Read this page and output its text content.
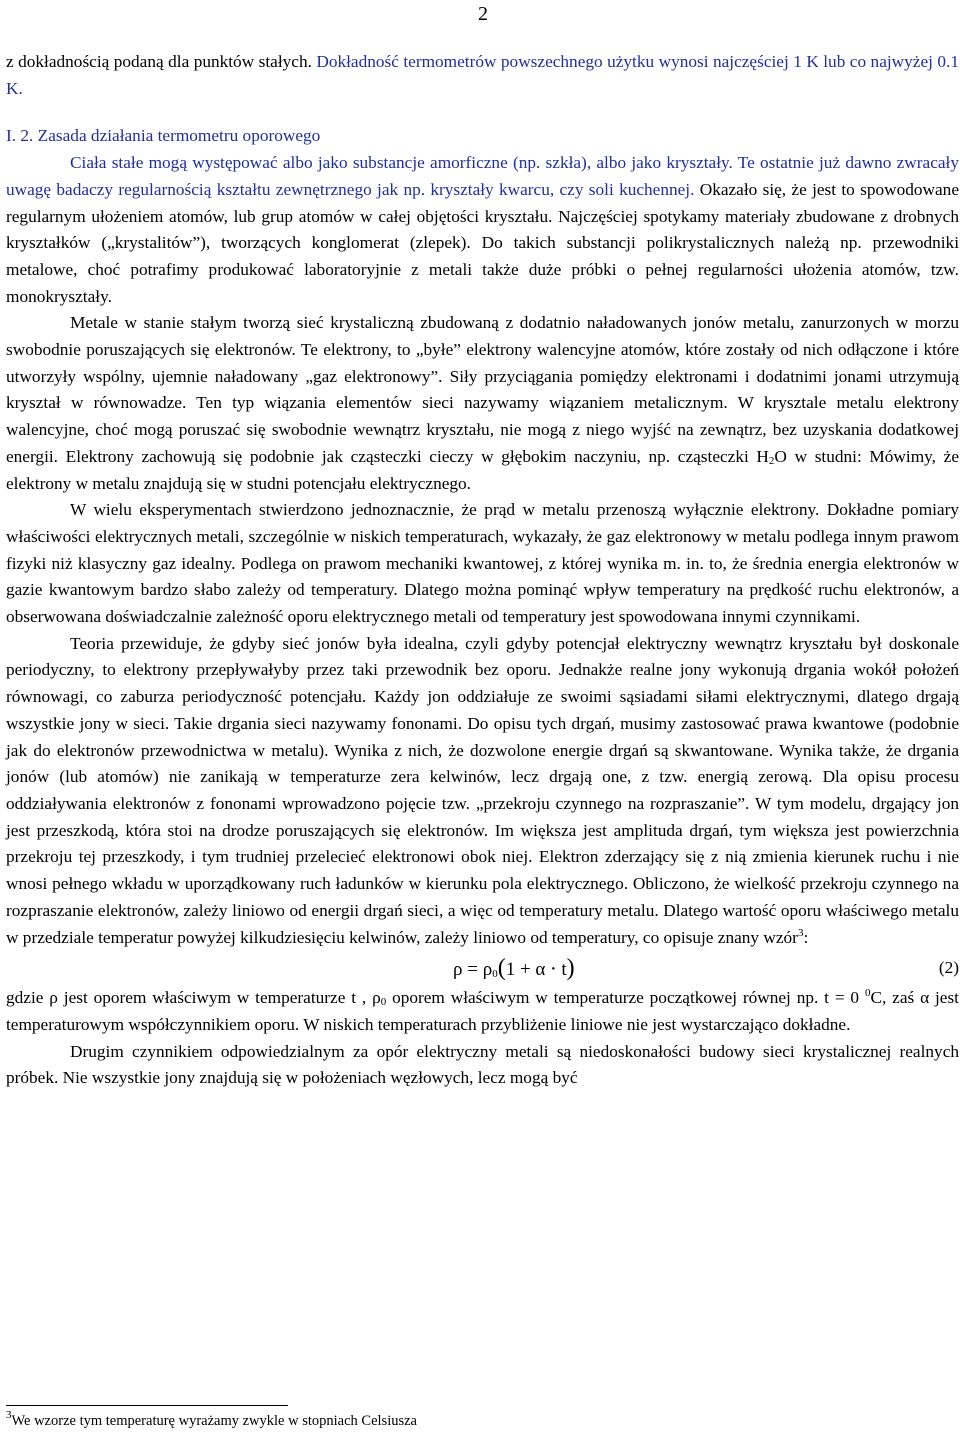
2

z dokładnością podaną dla punktów stałych. Dokładność termometrów powszechnego użytku wynosi najczęściej 1 K lub co najwyżej 0.1 K.

I. 2. Zasada działania termometru oporowego

Ciała stałe mogą występować albo jako substancje amorficzne (np. szkła), albo jako kryształy. Te ostatnie już dawno zwracały uwagę badaczy regularnością kształtu zewnętrznego jak np. kryształy kwarcu, czy soli kuchennej. Okazało się, że jest to spowodowane regularnym ułożeniem atomów, lub grup atomów w całej objętości kryształu. Najczęściej spotykamy materiały zbudowane z drobnych kryształków („krystalitów”), tworzących konglomerat (zlepek). Do takich substancji polikrystalicznych należą np. przewodniki metalowe, choć potrafimy produkować laboratoryjnie z metali także duże próbki o pełnej regularności ułożenia atomów, tzw. monokryształy.

Metale w stanie stałym tworzą sieć krystaliczną zbudowaną z dodatnio naładowanych jonów metalu, zanurzonych w morzu swobodnie poruszających się elektronów. Te elektrony, to „byłe” elektrony walencyjne atomów, które zostały od nich odłączone i które utworzyły wspólny, ujemnie naładowany „gaz elektronowy”. Siły przyciągania pomiędzy elektronami i dodatnimi jonami utrzymują kryształ w równowadze. Ten typ wiązania elementów sieci nazywamy wiązaniem metalicznym. W krysztale metalu elektrony walencyjne, choć mogą poruszać się swobodnie wewnątrz kryształu, nie mogą z niego wyjść na zewnątrz, bez uzyskania dodatkowej energii. Elektrony zachowują się podobnie jak cząsteczki cieczy w głębokim naczyniu, np. cząsteczki $H_2O$ w studni: Mówimy, że elektrony w metalu znajdują się w studni potencjału elektrycznego.

W wielu eksperymentach stwierdzono jednoznacznie, że prąd w metalu przenoszą wyłącznie elektrony. Dokładne pomiary właściwości elektrycznych metali, szczególnie w niskich temperaturach, wykazały, że gaz elektronowy w metalu podlega innym prawom fizyki niż klasyczny gaz idealny. Podlega on prawom mechaniki kwantowej, z której wynika m. in. to, że średnia energia elektronów w gazie kwantowym bardzo słabo zależy od temperatury. Dlatego można pominąć wpływ temperatury na prędkość ruchu elektronów, a obserwowana doświadczalnie zależność oporu elektrycznego metali od temperatury jest spowodowana innymi czynnikami.

Teoria przewiduje, że gdyby sieć jonów była idealna, czyli gdyby potencjał elektryczny wewnątrz kryształu był doskonale periodyczny, to elektrony przepływałyby przez taki przewodnik bez oporu. Jednakże realne jony wykonują drgania wokół położeń równowagi, co zaburza periodyczność potencjału. Każdy jon oddziałuje ze swoimi sąsiadami siłami elektrycznymi, dlatego drgają wszystkie jony w sieci. Takie drgania sieci nazywamy fononami. Do opisu tych drgań, musimy zastosować prawa kwantowe (podobnie jak do elektronów przewodnictwa w metalu). Wynika z nich, że dozwolone energie drgań są skwantowane. Wynika także, że drgania jonów (lub atomów) nie zanikają w temperaturze zera kelwinów, lecz drgają one, z tzw. energią zerową. Dla opisu procesu oddziaływania elektronów z fononami wprowadzono pojęcie tzw. „przekroju czynnego na rozpraszanie”. W tym modelu, drgający jon jest przeszkodą, która stoi na drodze poruszających się elektronów. Im większa jest amplituda drgań, tym większa jest powierzchnia przekroju tej przeszkody, i tym trudniej przelecieć elektronowi obok niej. Elektron zderzający się z nią zmienia kierunek ruchu i nie wnosi pełnego wkładu w uporządkowany ruch ładunków w kierunku pola elektrycznego. Obliczono, że wielkość przekroju czynnego na rozpraszanie elektronów, zależy liniowo od energii drgań sieci, a więc od temperatury metalu. Dlatego wartość oporu właściwego metalu w przedziale temperatur powyżej kilkudziesięciu kelwinów, zależy liniowo od temperatury, co opisuje znany wzór$^3$:

$\rho = \rho_0(1 + \alpha \cdot t)$	(2)

gdzie ρ jest oporem właściwym w temperaturze t , $\rho_0$ oporem właściwym w temperaturze początkowej równej np. t = 0 $^0$C, zaś α jest temperaturowym współczynnikiem oporu. W niskich temperaturach przybliżenie liniowe nie jest wystarczająco dokładne.

Drugim czynnikiem odpowiedzialnym za opór elektryczny metali są niedoskonałości budowy sieci krystalicznej realnych próbek. Nie wszystkie jony znajdują się w położeniach węzłowych, lecz mogą być

$^3$We wzorze tym temperaturę wyrażamy zwykle w stopniach Celsiusza
